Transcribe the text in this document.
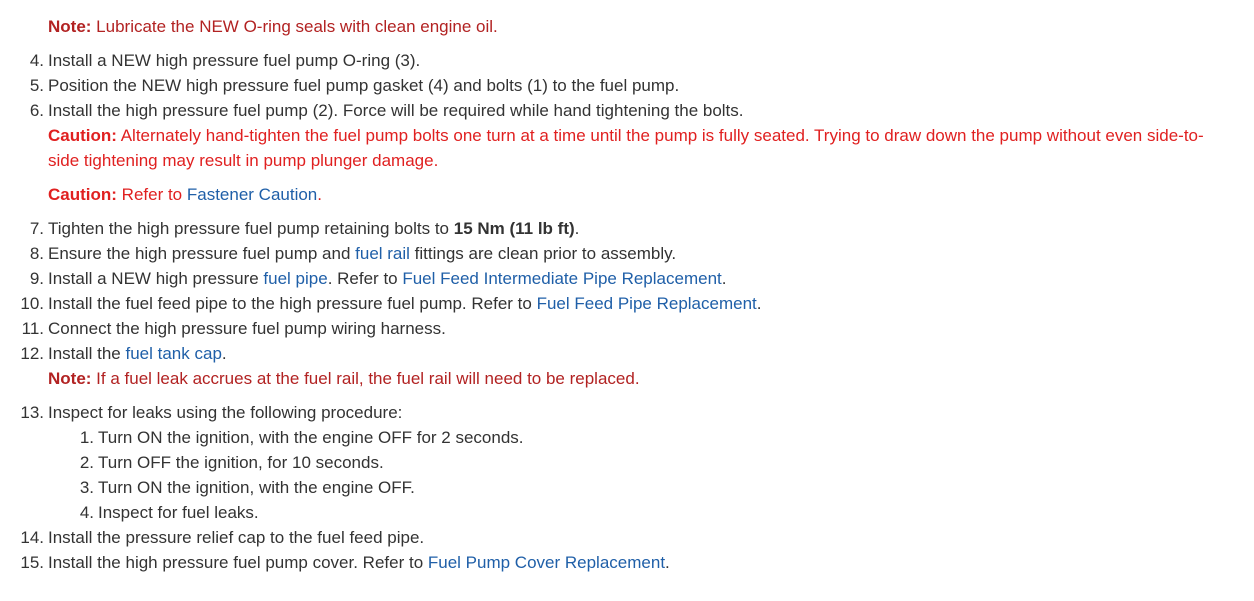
Note: Lubricate the NEW O-ring seals with clean engine oil.
4. Install a NEW high pressure fuel pump O-ring (3).
5. Position the NEW high pressure fuel pump gasket (4) and bolts (1) to the fuel pump.
6. Install the high pressure fuel pump (2). Force will be required while hand tightening the bolts.
Caution: Alternately hand-tighten the fuel pump bolts one turn at a time until the pump is fully seated. Trying to draw down the pump without even side-to-side tightening may result in pump plunger damage.
Caution: Refer to Fastener Caution.
7. Tighten the high pressure fuel pump retaining bolts to 15 Nm (11 lb ft).
8. Ensure the high pressure fuel pump and fuel rail fittings are clean prior to assembly.
9. Install a NEW high pressure fuel pipe. Refer to Fuel Feed Intermediate Pipe Replacement.
10. Install the fuel feed pipe to the high pressure fuel pump. Refer to Fuel Feed Pipe Replacement.
11. Connect the high pressure fuel pump wiring harness.
12. Install the fuel tank cap.
Note: If a fuel leak accrues at the fuel rail, the fuel rail will need to be replaced.
13. Inspect for leaks using the following procedure:
1. Turn ON the ignition, with the engine OFF for 2 seconds.
2. Turn OFF the ignition, for 10 seconds.
3. Turn ON the ignition, with the engine OFF.
4. Inspect for fuel leaks.
14. Install the pressure relief cap to the fuel feed pipe.
15. Install the high pressure fuel pump cover. Refer to Fuel Pump Cover Replacement.
